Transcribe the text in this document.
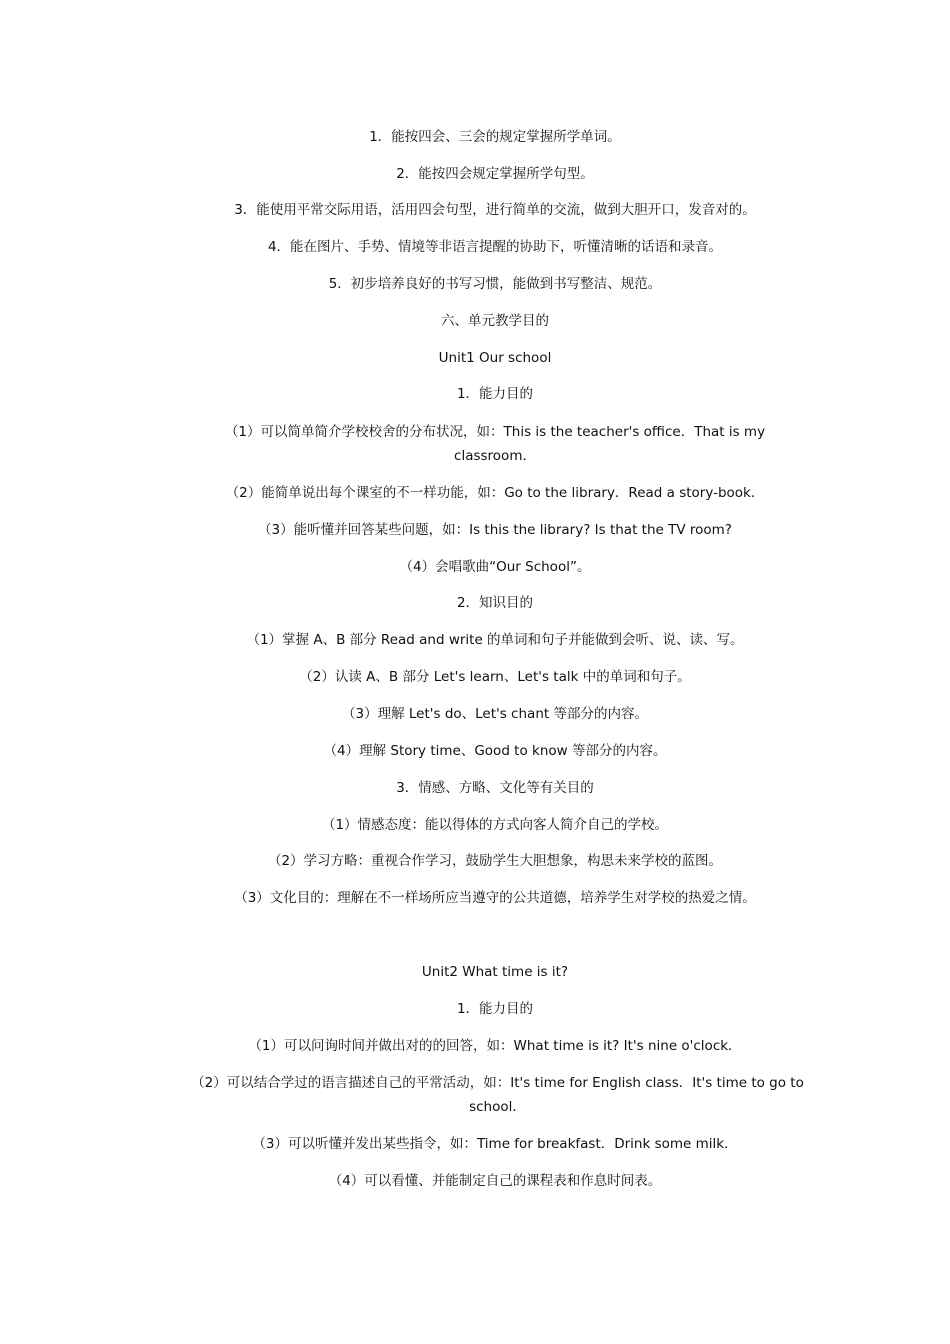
1．能按四会、三会的规定掌握所学单词。
2．能按四会规定掌握所学句型。
3．能使用平常交际用语，活用四会句型，进行简单的交流，做到大胆开口，发音对的。
4．能在图片、手势、情境等非语言提醒的协助下，听懂清晰的话语和录音。
5．初步培养良好的书写习惯，能做到书写整洁、规范。
六、单元教学目的
Unit1 Our school
1．能力目的
（1）可以简单简介学校校舍的分布状况，如：This is the teacher's office．That is my classroom．
（2）能简单说出每个课室的不一样功能，如：Go to the library．Read a story-book．
（3）能听懂并回答某些问题，如：Is this the library? Is that the TV room?
（4）会唱歌曲“Our School”。
2．知识目的
（1）掌握 A、B 部分 Read and write 的单词和句子并能做到会听、说、读、写。
（2）认读 A、B 部分 Let's learn、Let's talk 中的单词和句子。
（3）理解 Let's do、Let's chant 等部分的内容。
（4）理解 Story time、Good to know 等部分的内容。
3．情感、方略、文化等有关目的
（1）情感态度：能以得体的方式向客人简介自己的学校。
（2）学习方略：重视合作学习，鼓励学生大胆想象，构思未来学校的蓝图。
（3）文化目的：理解在不一样场所应当遵守的公共道德，培养学生对学校的热爱之情。
Unit2 What time is it?
1．能力目的
（1）可以问询时间并做出对的的回答，如：What time is it? It's nine o'clock．
（2）可以结合学过的语言描述自己的平常活动，如：It's time for English class．It's time to go to school．
（3）可以听懂并发出某些指令，如：Time for breakfast．Drink some milk．
（4）可以看懂、并能制定自己的课程表和作息时间表。
